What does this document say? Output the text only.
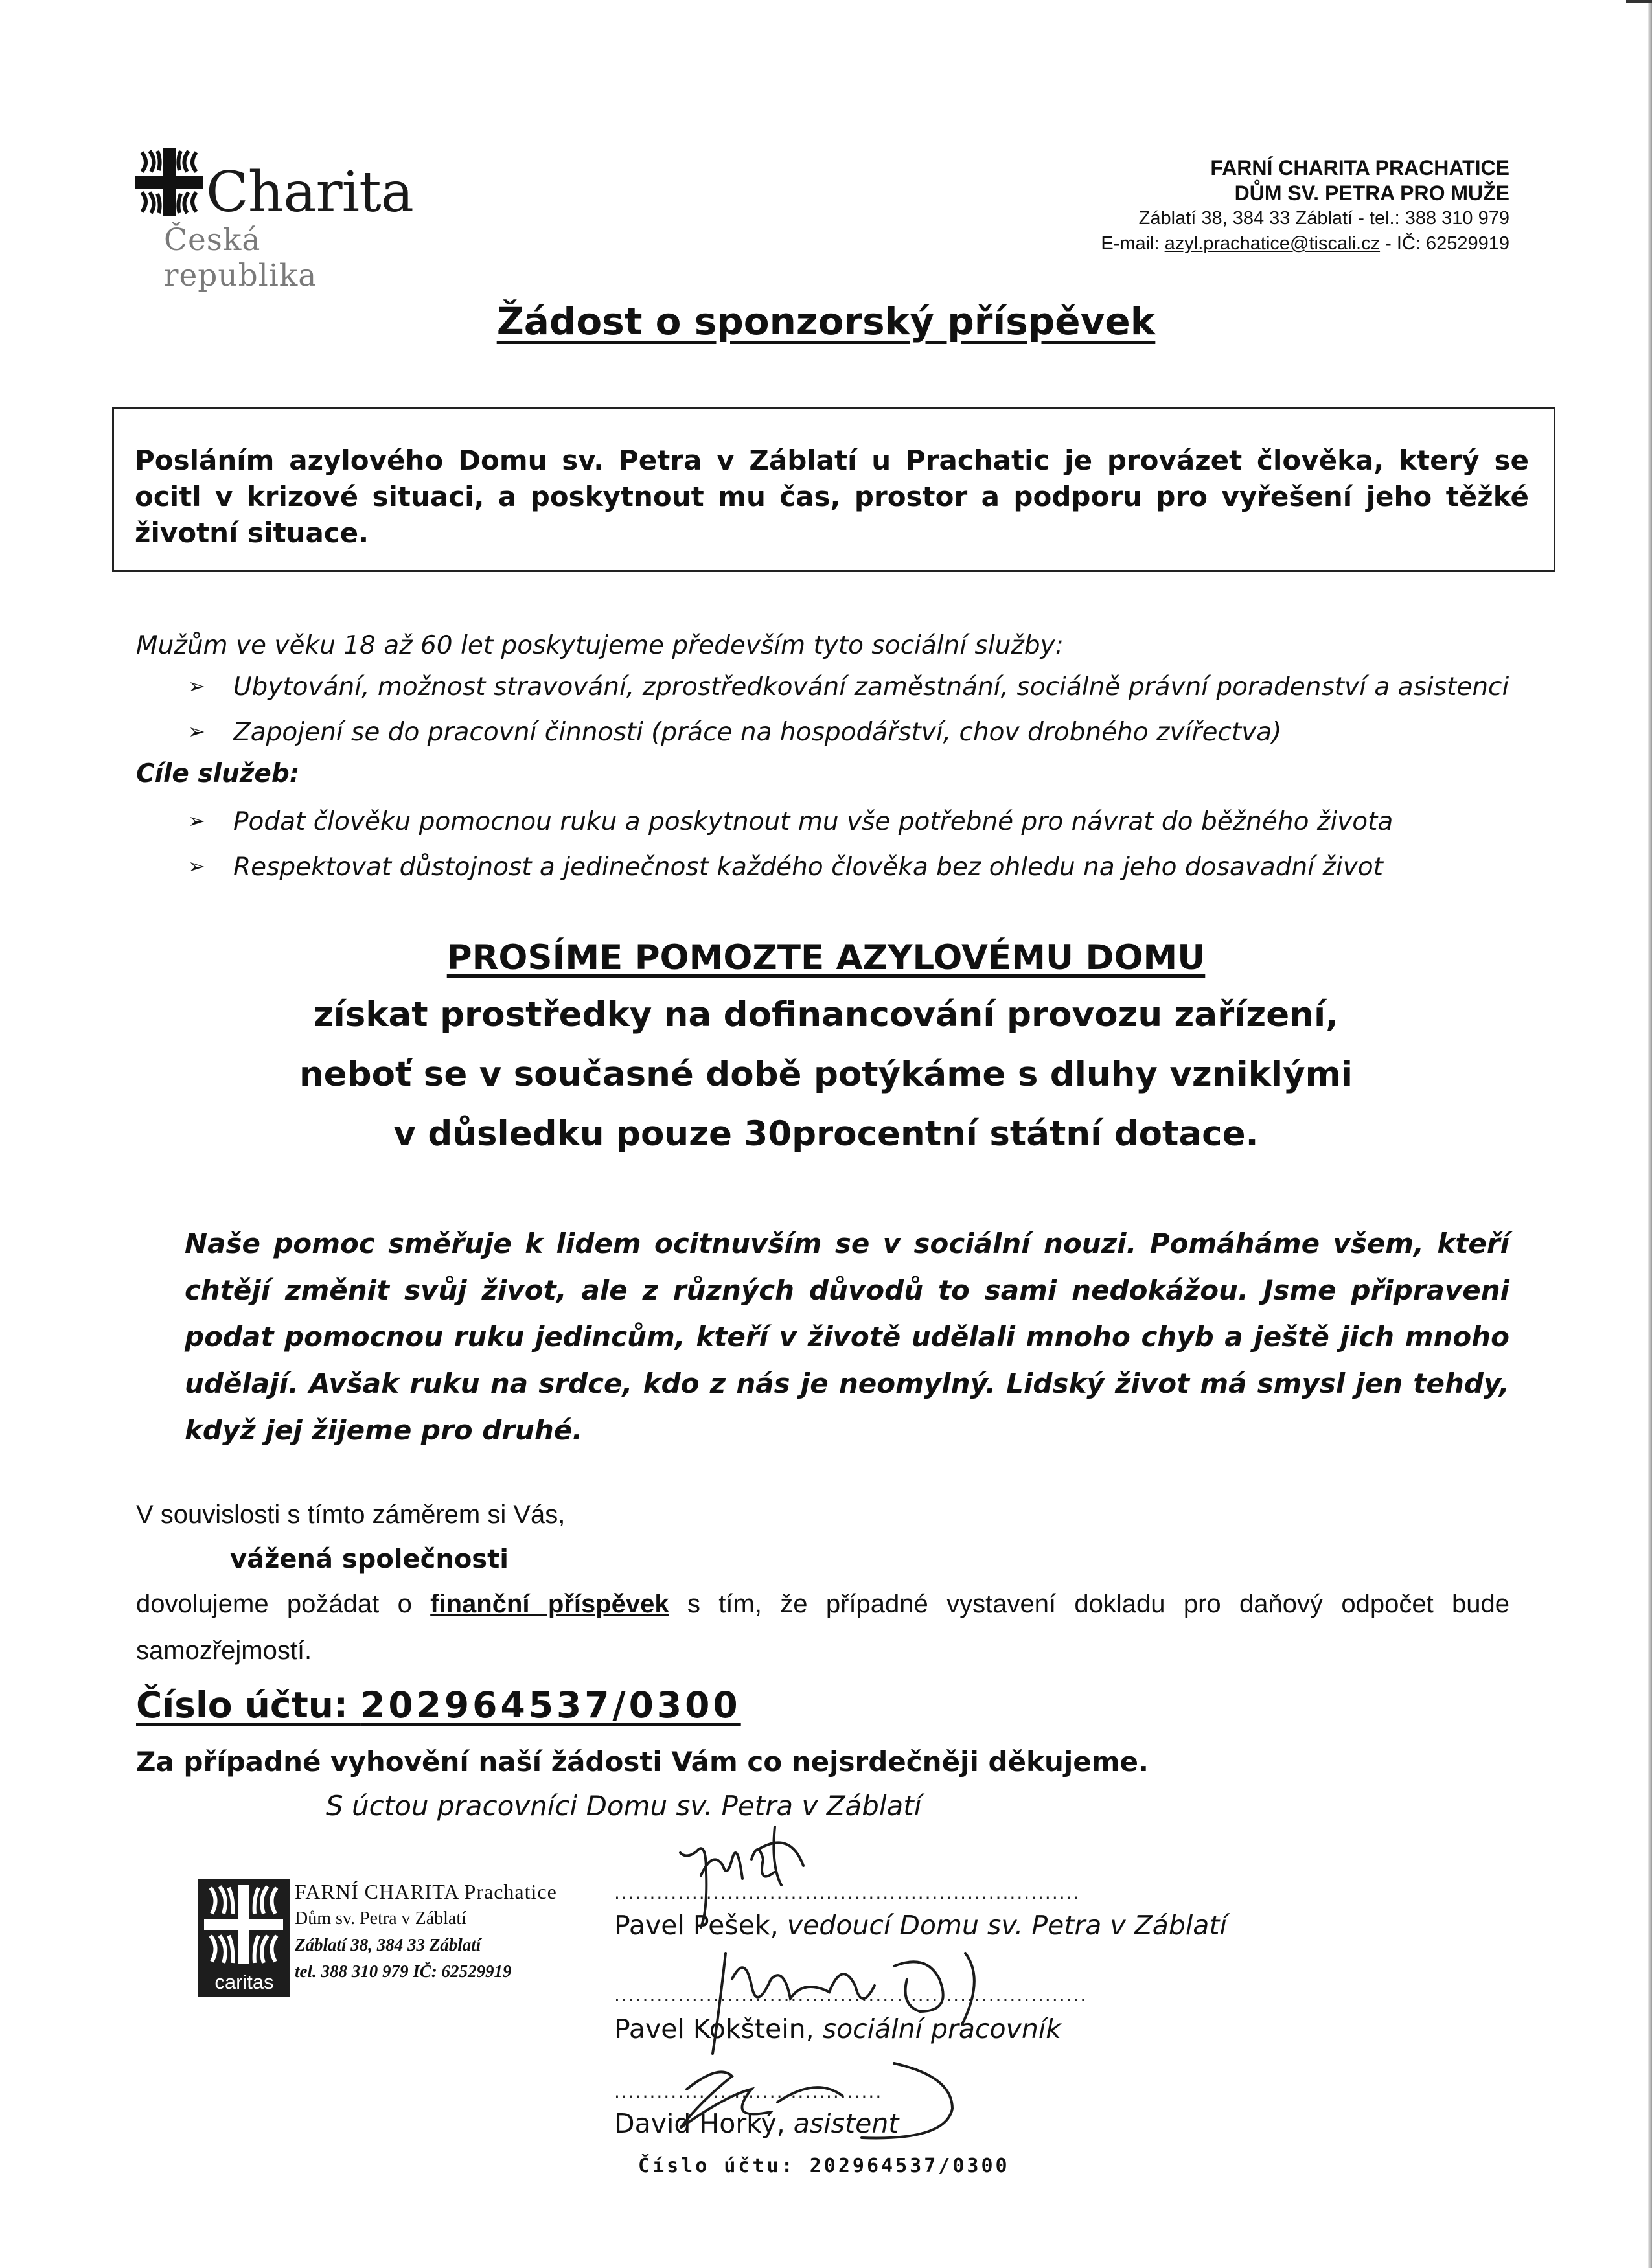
Charita
Česká republika
FARNÍ CHARITA PRACHATICE
DŮM SV. PETRA PRO MUŽE
Záblatí 38, 384 33 Záblatí - tel.: 388 310 979
E-mail: azyl.prachatice@tiscali.cz - IČ: 62529919
Žádost o sponzorský příspěvek
Posláním azylového Domu sv. Petra v Záblatí u Prachatic je provázet člověka, který se ocitl v krizové situaci, a poskytnout mu čas, prostor a podporu pro vyřešení jeho těžké životní situace.
Mužům ve věku 18 až 60 let poskytujeme především tyto sociální služby:
➢ Ubytování, možnost stravování, zprostředkování zaměstnání, sociálně právní poradenství a asistenci
➢ Zapojení se do pracovní činnosti (práce na hospodářství, chov drobného zvířectva)
Cíle služeb:
➢ Podat člověku pomocnou ruku a poskytnout mu vše potřebné pro návrat do běžného života
➢ Respektovat důstojnost a jedinečnost každého člověka bez ohledu na jeho dosavadní život
PROSÍME POMOZTE AZYLOVÉMU DOMU
získat prostředky na dofinancování provozu zařízení,
neboť se v současné době potýkáme s dluhy vzniklými
v důsledku pouze 30procentní státní dotace.
Naše pomoc směřuje k lidem ocitnuvším se v sociální nouzi. Pomáháme všem, kteří chtějí změnit svůj život, ale z různých důvodů to sami nedokážou. Jsme připraveni podat pomocnou ruku jedincům, kteří v životě udělali mnoho chyb a ještě jich mnoho udělají. Avšak ruku na srdce, kdo z nás je neomylný. Lidský život má smysl jen tehdy, když jej žijeme pro druhé.
V souvislosti s tímto záměrem si Vás,
vážená společnosti
dovolujeme požádat o finanční příspěvek s tím, že případné vystavení dokladu pro daňový odpočet bude samozřejmostí.
Číslo účtu: 202964537/0300
Za případné vyhovění naší žádosti Vám co nejsrdečněji děkujeme.
S úctou pracovníci Domu sv. Petra v Záblatí
caritas
FARNÍ CHARITA Prachatice
Dům sv. Petra v Záblatí
Záblatí 38, 384 33 Záblatí
tel. 388 310 979 IČ: 62529919
..................................................................
Pavel Pešek, vedoucí Domu sv. Petra v Záblatí
...................................................................
Pavel Kokštein, sociální pracovník
......................................
David Horký, asistent
Číslo účtu: 202964537/0300
